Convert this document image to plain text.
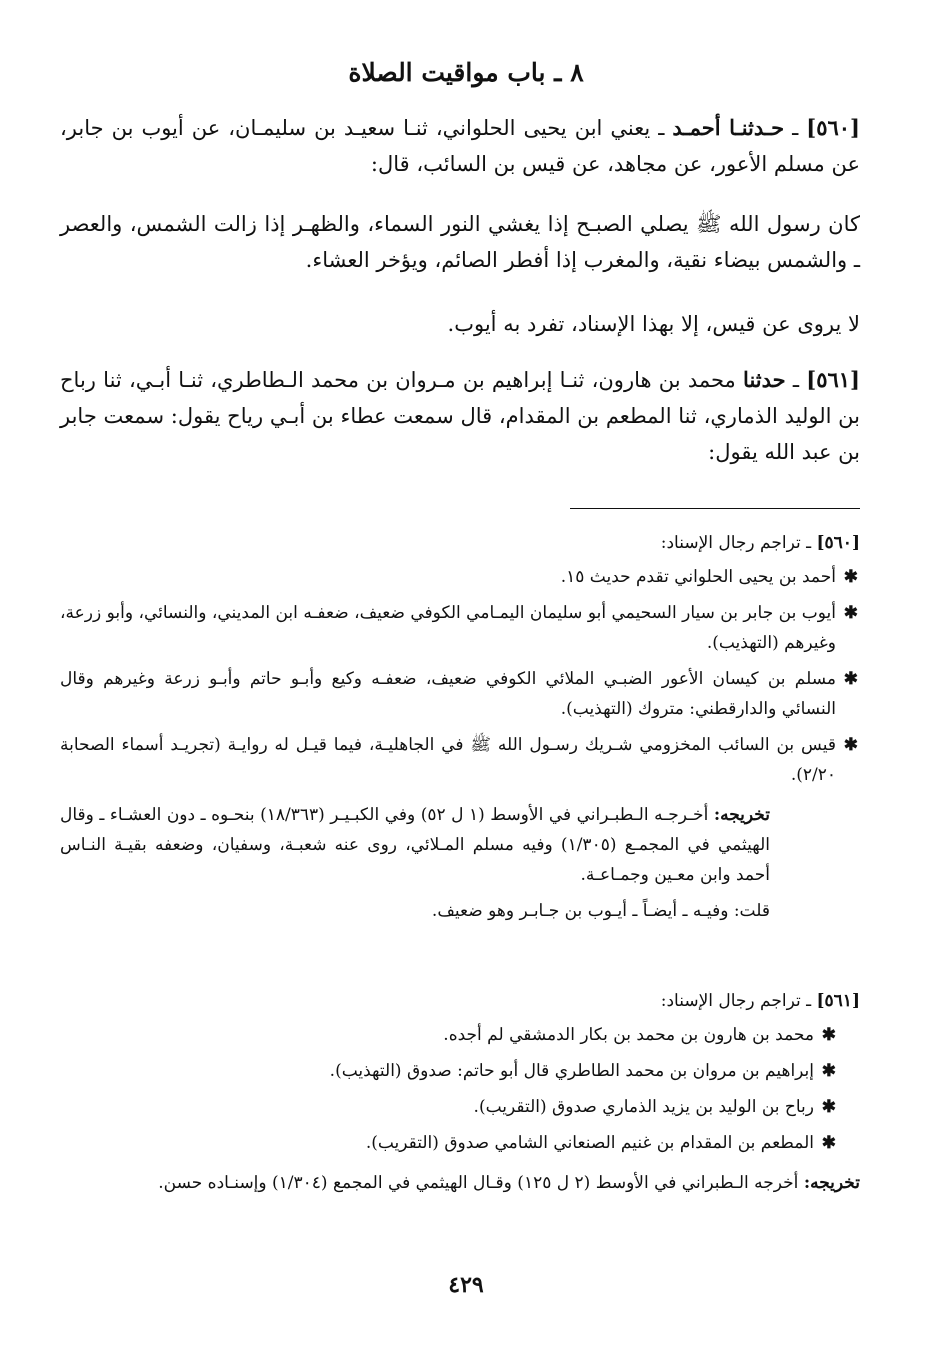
٨ ـ باب مواقيت الصلاة
[٥٦٠] ـ حـدثنـا أحمـد ـ يعني ابن يحيى الحلواني، ثنـا سعيـد بن سليمـان، عن أيوب بن جابر، عن مسلم الأعور، عن مجاهد، عن قيس بن السائب، قال:
كان رسول الله ﷺ يصلي الصبـح إذا يغشي النور السماء، والظهـر إذا زالت الشمس، والعصر ـ والشمس بيضاء نقية، والمغرب إذا أفطر الصائم، ويؤخر العشاء.
لا يروى عن قيس، إلا بهذا الإسناد، تفرد به أيوب.
[٥٦١] ـ حدثنا محمد بن هارون، ثنـا إبراهيم بن مـروان بن محمد الـطاطري، ثنـا أبـي، ثنا رباح بن الوليد الذماري، ثنا المطعم بن المقدام، قال سمعت عطاء بن أبـي رياح يقول: سمعت جابر بن عبد الله يقول:

[٥٦٠] ـ تراجم رجال الإسناد:

✱
أحمد بن يحيى الحلواني تقدم حديث ١٥.
✱
أيوب بن جابر بن سيار السحيمي أبو سليمان اليمـامي الكوفي ضعيف، ضعفـه ابن المديني، والنسائي، وأبو زرعة، وغيرهم (التهذيب).
✱
مسلم بن كيسان الأعور الضبـي الملائي الكوفي ضعيف، ضعفـه وكيع وأبـو حاتم وأبـو زرعة وغيرهم وقال النسائي والدارقطني: متروك (التهذيب).
✱
قيس بن السائب المخزومي شـريك رسـول الله ﷺ في الجاهليـة، فيما قيـل له روايـة (تجريـد أسماء الصحابة ٢/٢٠).

تخريجه: أخـرجـه الـطبـراني في الأوسط (١ ل ٥٢) وفي الكبـيـر (١٨/٣٦٣) بنحـوه ـ دون العشـاء ـ وقال الهيثمي في المجمـع (١/٣٠٥) وفيه مسلم المـلائي، روى عنه شعبـة، وسفيان، وضعفه بقيـة النـاس أحمد وابن معـين وجمـاعـة.

قلت: وفيـه ـ أيضـاً ـ أيـوب بن جـابـر وهو ضعيف.

[٥٦١] ـ تراجم رجال الإسناد:

✱
محمد بن هارون بن محمد بن بكار الدمشقي لم أجده.
✱
إبراهيم بن مروان بن محمد الطاطري قال أبو حاتم: صدوق (التهذيب).
✱
رباح بن الوليد بن يزيد الذماري صدوق (التقريب).
✱
المطعم بن المقدام بن غنيم الصنعاني الشامي صدوق (التقريب).

تخريجه: أخرجه الـطبراني في الأوسط (٢ ل ١٢٥) وقـال الهيثمي في المجمع (١/٣٠٤) وإسنـاده حسن.

٤٢٩
